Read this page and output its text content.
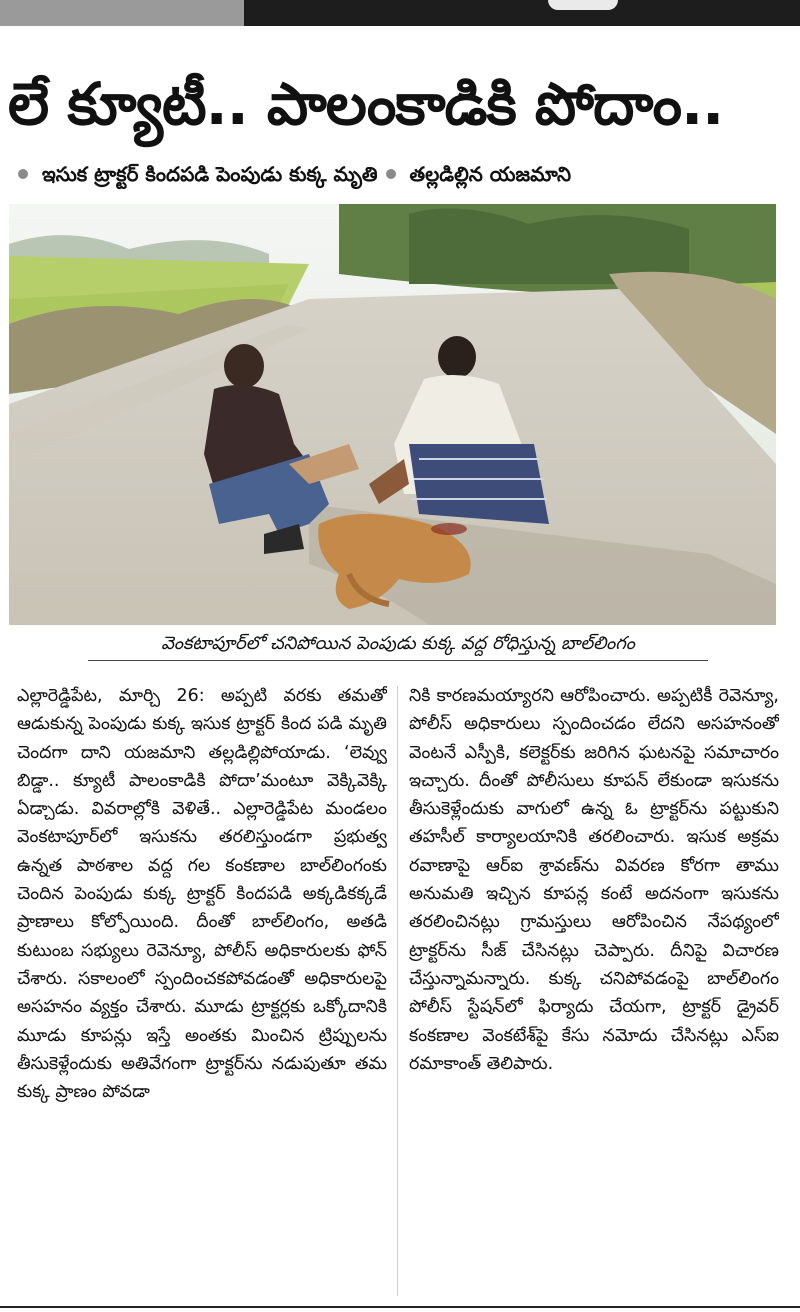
లే క్యూటీ.. పాలంకాడికి పోదాం..
ఇసుక ట్రాక్టర్‌ కిందపడి పెంపుడు కుక్క మృతి తల్లడిల్లిన యజమాని
వెంకటాపూర్‌లో చనిపోయిన పెంపుడు కుక్క వద్ద రోధిస్తున్న బాల్‌లింగం
ఎల్లారెడ్డిపేట, మార్చి 26: అప్పటి వరకు తమతో ఆడుకున్న పెంపుడు కుక్క ఇసుక ట్రాక్టర్‌ కింద పడి మృతి చెందగా దాని యజమాని తల్లడిల్లిపోయాడు. ‘లెవ్వు బిడ్డా.. క్యూటీ పాలంకాడికి పోదా’మంటూ వెక్కివెక్కి ఏడ్చాడు. వివరాల్లోకి వెళితే.. ఎల్లారెడ్డిపేట మండలం వెంకటాపూర్‌లో ఇసుకను తరలిస్తుండగా ప్రభుత్వ ఉన్నత పాఠశాల వద్ద గల కంకణాల బాల్‌లింగంకు చెందిన పెంపుడు కుక్క ట్రాక్టర్‌ కిందపడి అక్కడికక్కడే ప్రాణాలు కోల్పోయింది. దీంతో బాల్‌లింగం, అతడి కుటుంబ సభ్యులు రెవెన్యూ, పోలీస్‌ అధికారులకు ఫోన్‌ చేశారు. సకాలంలో స్పందించకపోవడంతో అధికారులపై అసహనం వ్యక్తం చేశారు. మూడు ట్రాక్టర్లకు ఒక్కోదానికి మూడు కూపన్లు ఇస్తే అంతకు మించిన ట్రిప్పులను తీసుకెళ్లేందుకు అతివేగంగా ట్రాక్టర్‌ను నడుపుతూ తమ కుక్క ప్రాణం పోవడా
నికి కారణమయ్యారని ఆరోపించారు. అప్పటికీ రెవెన్యూ, పోలీస్‌ అధికారులు స్పందించడం లేదని అసహనంతో వెంటనే ఎస్పీకి, కలెక్టర్‌కు జరిగిన ఘటనపై సమాచారం ఇచ్చారు. దీంతో పోలీసులు కూపన్‌ లేకుండా ఇసుకను తీసుకెళ్లేందుకు వాగులో ఉన్న ఓ ట్రాక్టర్‌ను పట్టుకుని తహసీల్‌ కార్యాలయానికి తరలించారు. ఇసుక అక్రమ రవాణాపై ఆర్‌ఐ శ్రావణ్‌ను వివరణ కోరగా తాము అనుమతి ఇచ్చిన కూపన్ల కంటే అదనంగా ఇసుకను తరలించినట్లు గ్రామస్తులు ఆరోపించిన నేపథ్యంలో ట్రాక్టర్‌ను సీజ్‌ చేసినట్లు చెప్పారు. దీనిపై విచారణ చేస్తున్నామన్నారు. కుక్క చనిపోవడంపై బాల్‌లింగం పోలీస్‌ స్టేషన్‌లో ఫిర్యాదు చేయగా, ట్రాక్టర్‌ డ్రైవర్‌ కంకణాల వెంకటేశ్‌పై కేసు నమోదు చేసినట్లు ఎస్‌ఐ రమాకాంత్‌ తెలిపారు.
